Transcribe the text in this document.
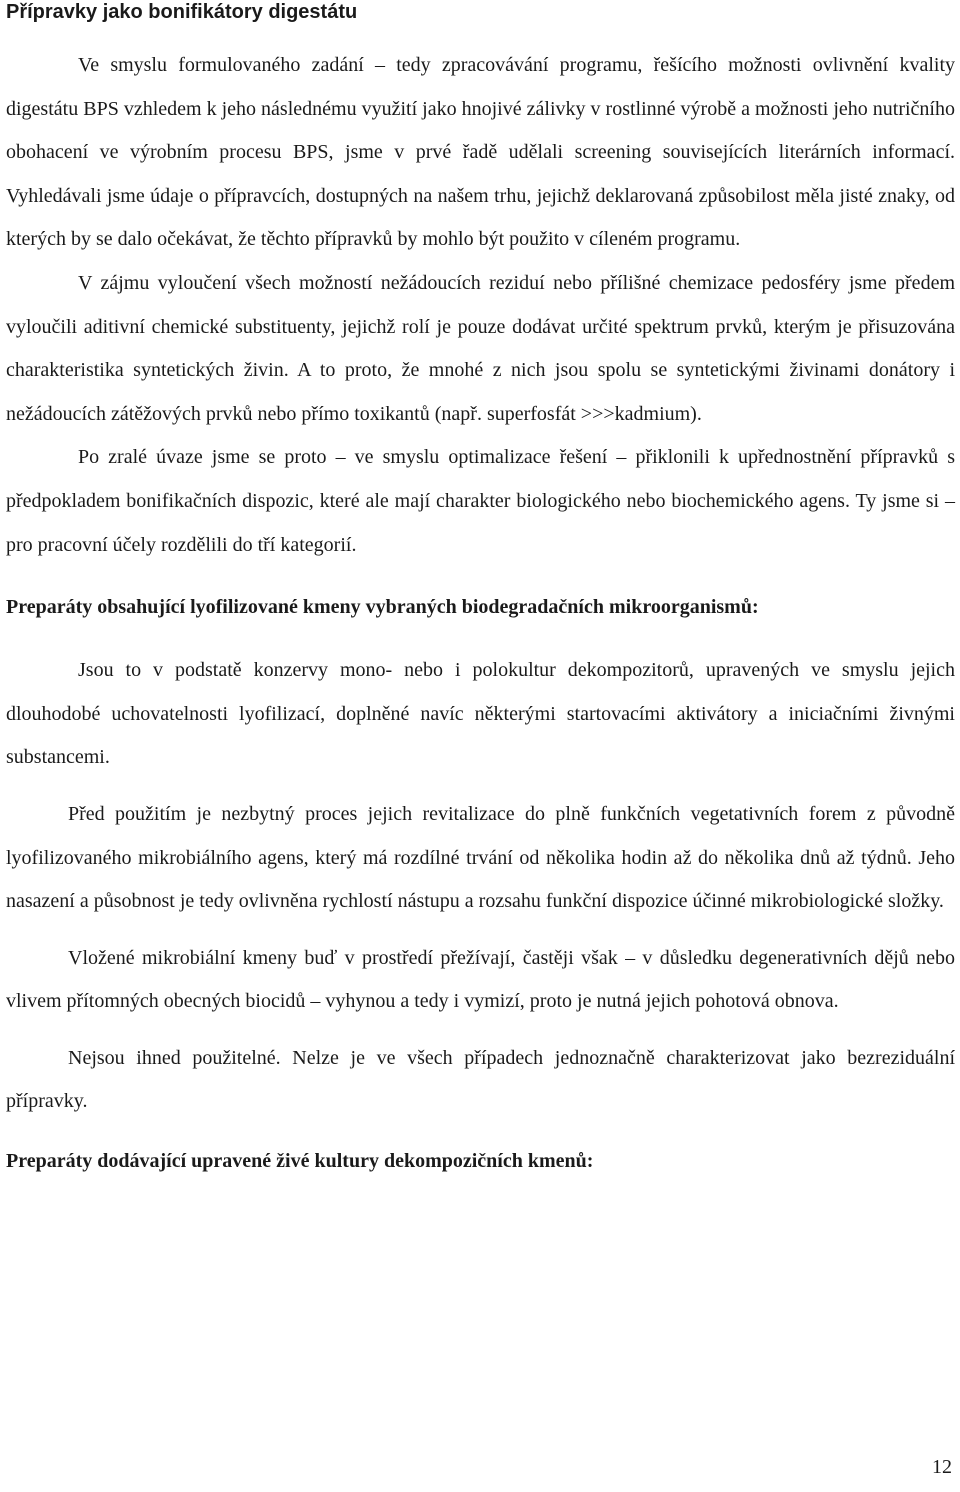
Přípravky jako bonifikátory digestátu

Ve smyslu formulovaného zadání – tedy zpracovávání programu, řešícího možnosti ovlivnění kvality digestátu BPS vzhledem k jeho následnému využití jako hnojivé zálivky v rostlinné výrobě a možnosti jeho nutričního obohacení ve výrobním procesu BPS, jsme v prvé řadě udělali screening souvisejících literárních informací. Vyhledávali jsme údaje o přípravcích, dostupných na našem trhu, jejichž deklarovaná způsobilost měla jisté znaky, od kterých by se dalo očekávat, že těchto přípravků by mohlo být použito v cíleném programu.

V zájmu vyloučení všech možností nežádoucích reziduí nebo přílišné chemizace pedosféry jsme předem vyloučili aditivní chemické substituenty, jejichž rolí je pouze dodávat určité spektrum prvků, kterým je přisuzována charakteristika syntetických živin. A to proto, že mnohé z nich jsou spolu se syntetickými živinami donátory i nežádoucích zátěžových prvků nebo přímo toxikantů (např. superfosfát >>>kadmium).

Po zralé úvaze jsme se proto – ve smyslu optimalizace řešení – přiklonili k upřednostnění přípravků s předpokladem bonifikačních dispozic, které ale mají charakter biologického nebo biochemického agens. Ty jsme si – pro pracovní účely rozdělili do tří kategorií.

Preparáty obsahující lyofilizované kmeny vybraných biodegradačních mikroorganismů:

Jsou to v podstatě konzervy mono- nebo i polokultur dekompozitorů, upravených ve smyslu jejich dlouhodobé uchovatelnosti lyofilizací, doplněné navíc některými startovacími aktivátory a iniciačními živnými substancemi.

Před použitím je nezbytný proces jejich revitalizace do plně funkčních vegetativních forem z původně lyofilizovaného mikrobiálního agens, který má rozdílné trvání od několika hodin až do několika dnů až týdnů. Jeho nasazení a působnost je tedy ovlivněna rychlostí nástupu a rozsahu funkční dispozice účinné mikrobiologické složky.

Vložené mikrobiální kmeny buď v prostředí přežívají, častěji však – v důsledku degenerativních dějů nebo vlivem přítomných obecných biocidů – vyhynou a tedy i vymizí, proto je nutná jejich pohotová obnova.

Nejsou ihned použitelné. Nelze je ve všech případech jednoznačně charakterizovat jako bezreziduální přípravky.

Preparáty dodávající upravené živé kultury dekompozičních kmenů:
12
